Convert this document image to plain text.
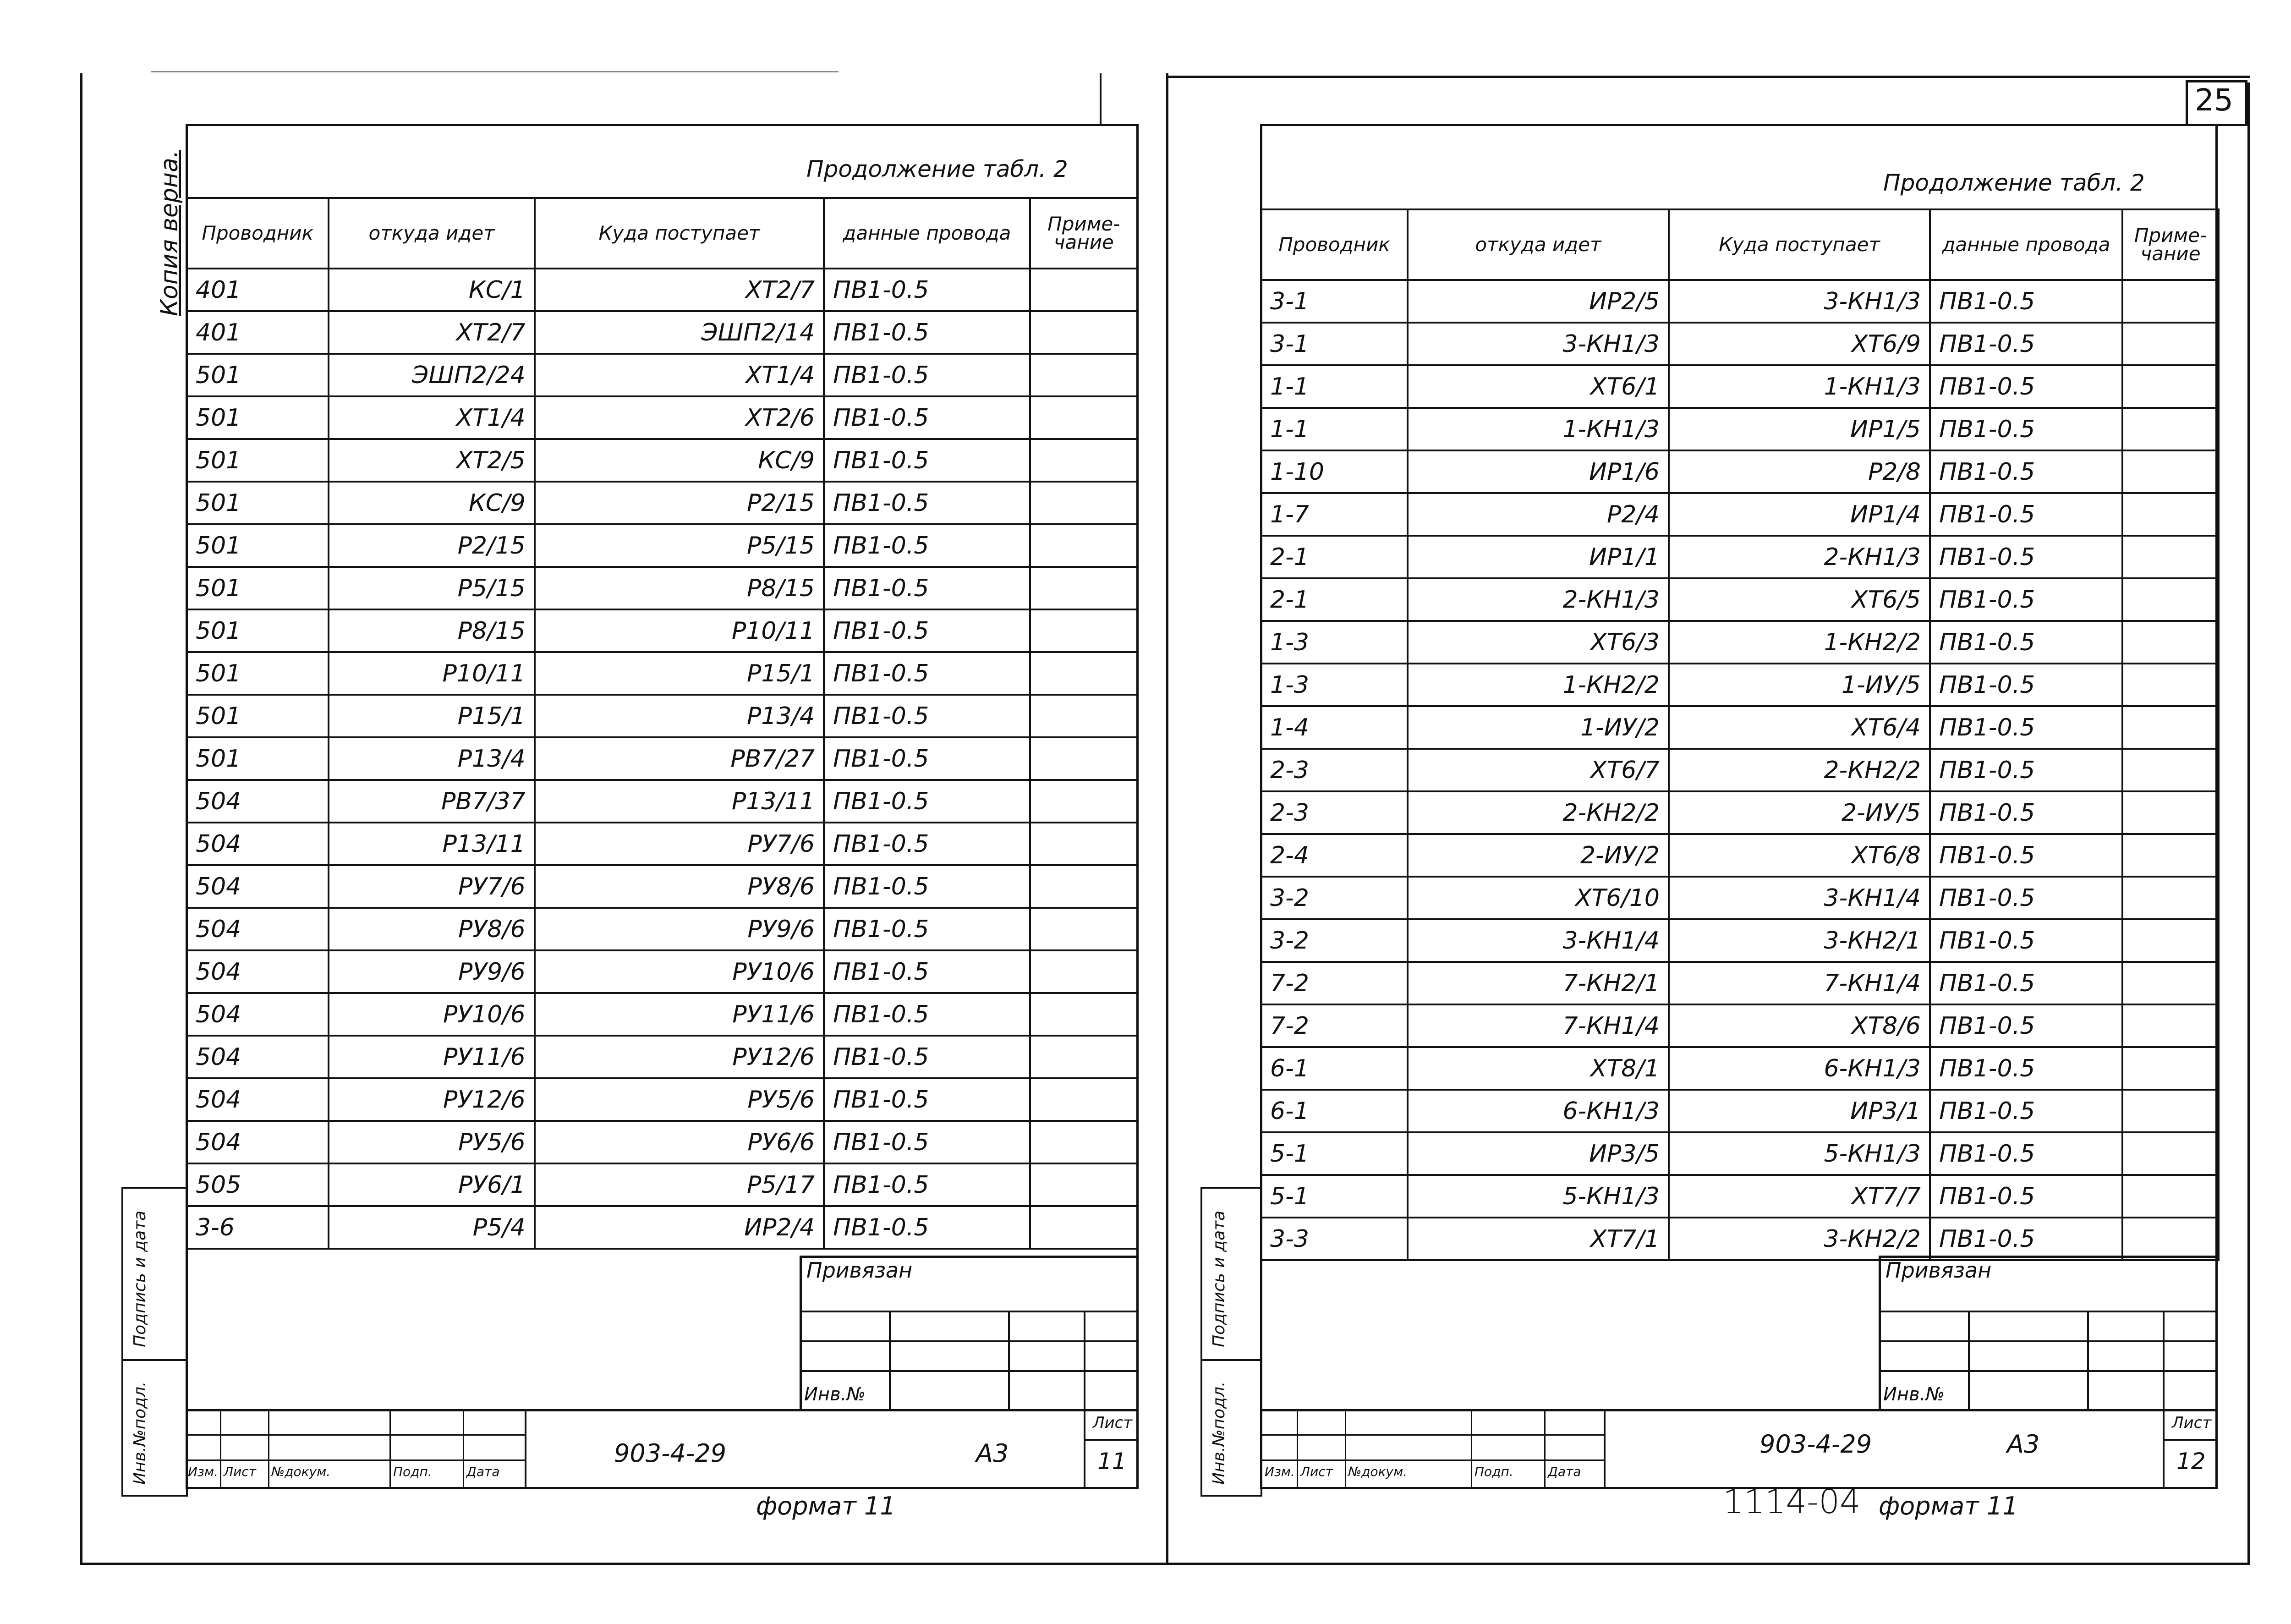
Копия верна.
25
Продолжение табл. 2
Проводник	откуда идет	Куда поступает	данные провода	Приме-чание
401	КС/1	ХТ2/7	ПВ1-0.5	
401	ХТ2/7	ЭШП2/14	ПВ1-0.5	
501	ЭШП2/24	ХТ1/4	ПВ1-0.5	
501	ХТ1/4	ХТ2/6	ПВ1-0.5	
501	ХТ2/5	КС/9	ПВ1-0.5	
501	КС/9	Р2/15	ПВ1-0.5	
501	Р2/15	Р5/15	ПВ1-0.5	
501	Р5/15	Р8/15	ПВ1-0.5	
501	Р8/15	Р10/11	ПВ1-0.5	
501	Р10/11	Р15/1	ПВ1-0.5	
501	Р15/1	Р13/4	ПВ1-0.5	
501	Р13/4	РВ7/27	ПВ1-0.5	
504	РВ7/37	Р13/11	ПВ1-0.5	
504	Р13/11	РУ7/6	ПВ1-0.5	
504	РУ7/6	РУ8/6	ПВ1-0.5	
504	РУ8/6	РУ9/6	ПВ1-0.5	
504	РУ9/6	РУ10/6	ПВ1-0.5	
504	РУ10/6	РУ11/6	ПВ1-0.5	
504	РУ11/6	РУ12/6	ПВ1-0.5	
504	РУ12/6	РУ5/6	ПВ1-0.5	
504	РУ5/6	РУ6/6	ПВ1-0.5	
505	РУ6/1	Р5/17	ПВ1-0.5	
3-6	Р5/4	ИР2/4	ПВ1-0.5	
Подпись и дата
Инв.№подл.
Привязан
Инв.№
Изм. Лист №докум.	Подп.	Дата
903-4-29	А3
Лист
11
формат 11
Продолжение табл. 2
Проводник	откуда идет	Куда поступает	данные провода	Приме-чание
3-1	ИР2/5	3-КН1/3	ПВ1-0.5	
3-1	3-КН1/3	ХТ6/9	ПВ1-0.5	
1-1	ХТ6/1	1-КН1/3	ПВ1-0.5	
1-1	1-КН1/3	ИР1/5	ПВ1-0.5	
1-10	ИР1/6	Р2/8	ПВ1-0.5	
1-7	Р2/4	ИР1/4	ПВ1-0.5	
2-1	ИР1/1	2-КН1/3	ПВ1-0.5	
2-1	2-КН1/3	ХТ6/5	ПВ1-0.5	
1-3	ХТ6/3	1-КН2/2	ПВ1-0.5	
1-3	1-КН2/2	1-ИУ/5	ПВ1-0.5	
1-4	1-ИУ/2	ХТ6/4	ПВ1-0.5	
2-3	ХТ6/7	2-КН2/2	ПВ1-0.5	
2-3	2-КН2/2	2-ИУ/5	ПВ1-0.5	
2-4	2-ИУ/2	ХТ6/8	ПВ1-0.5	
3-2	ХТ6/10	3-КН1/4	ПВ1-0.5	
3-2	3-КН1/4	3-КН2/1	ПВ1-0.5	
7-2	7-КН2/1	7-КН1/4	ПВ1-0.5	
7-2	7-КН1/4	ХТ8/6	ПВ1-0.5	
6-1	ХТ8/1	6-КН1/3	ПВ1-0.5	
6-1	6-КН1/3	ИР3/1	ПВ1-0.5	
5-1	ИР3/5	5-КН1/3	ПВ1-0.5	
5-1	5-КН1/3	ХТ7/7	ПВ1-0.5	
3-3	ХТ7/1	3-КН2/2	ПВ1-0.5	
Подпись и дата
Инв.№подл.
Привязан
Инв.№
Изм. Лист №докум.	Подп.	Дата
903-4-29	А3
Лист
12
формат 11
1114-04
